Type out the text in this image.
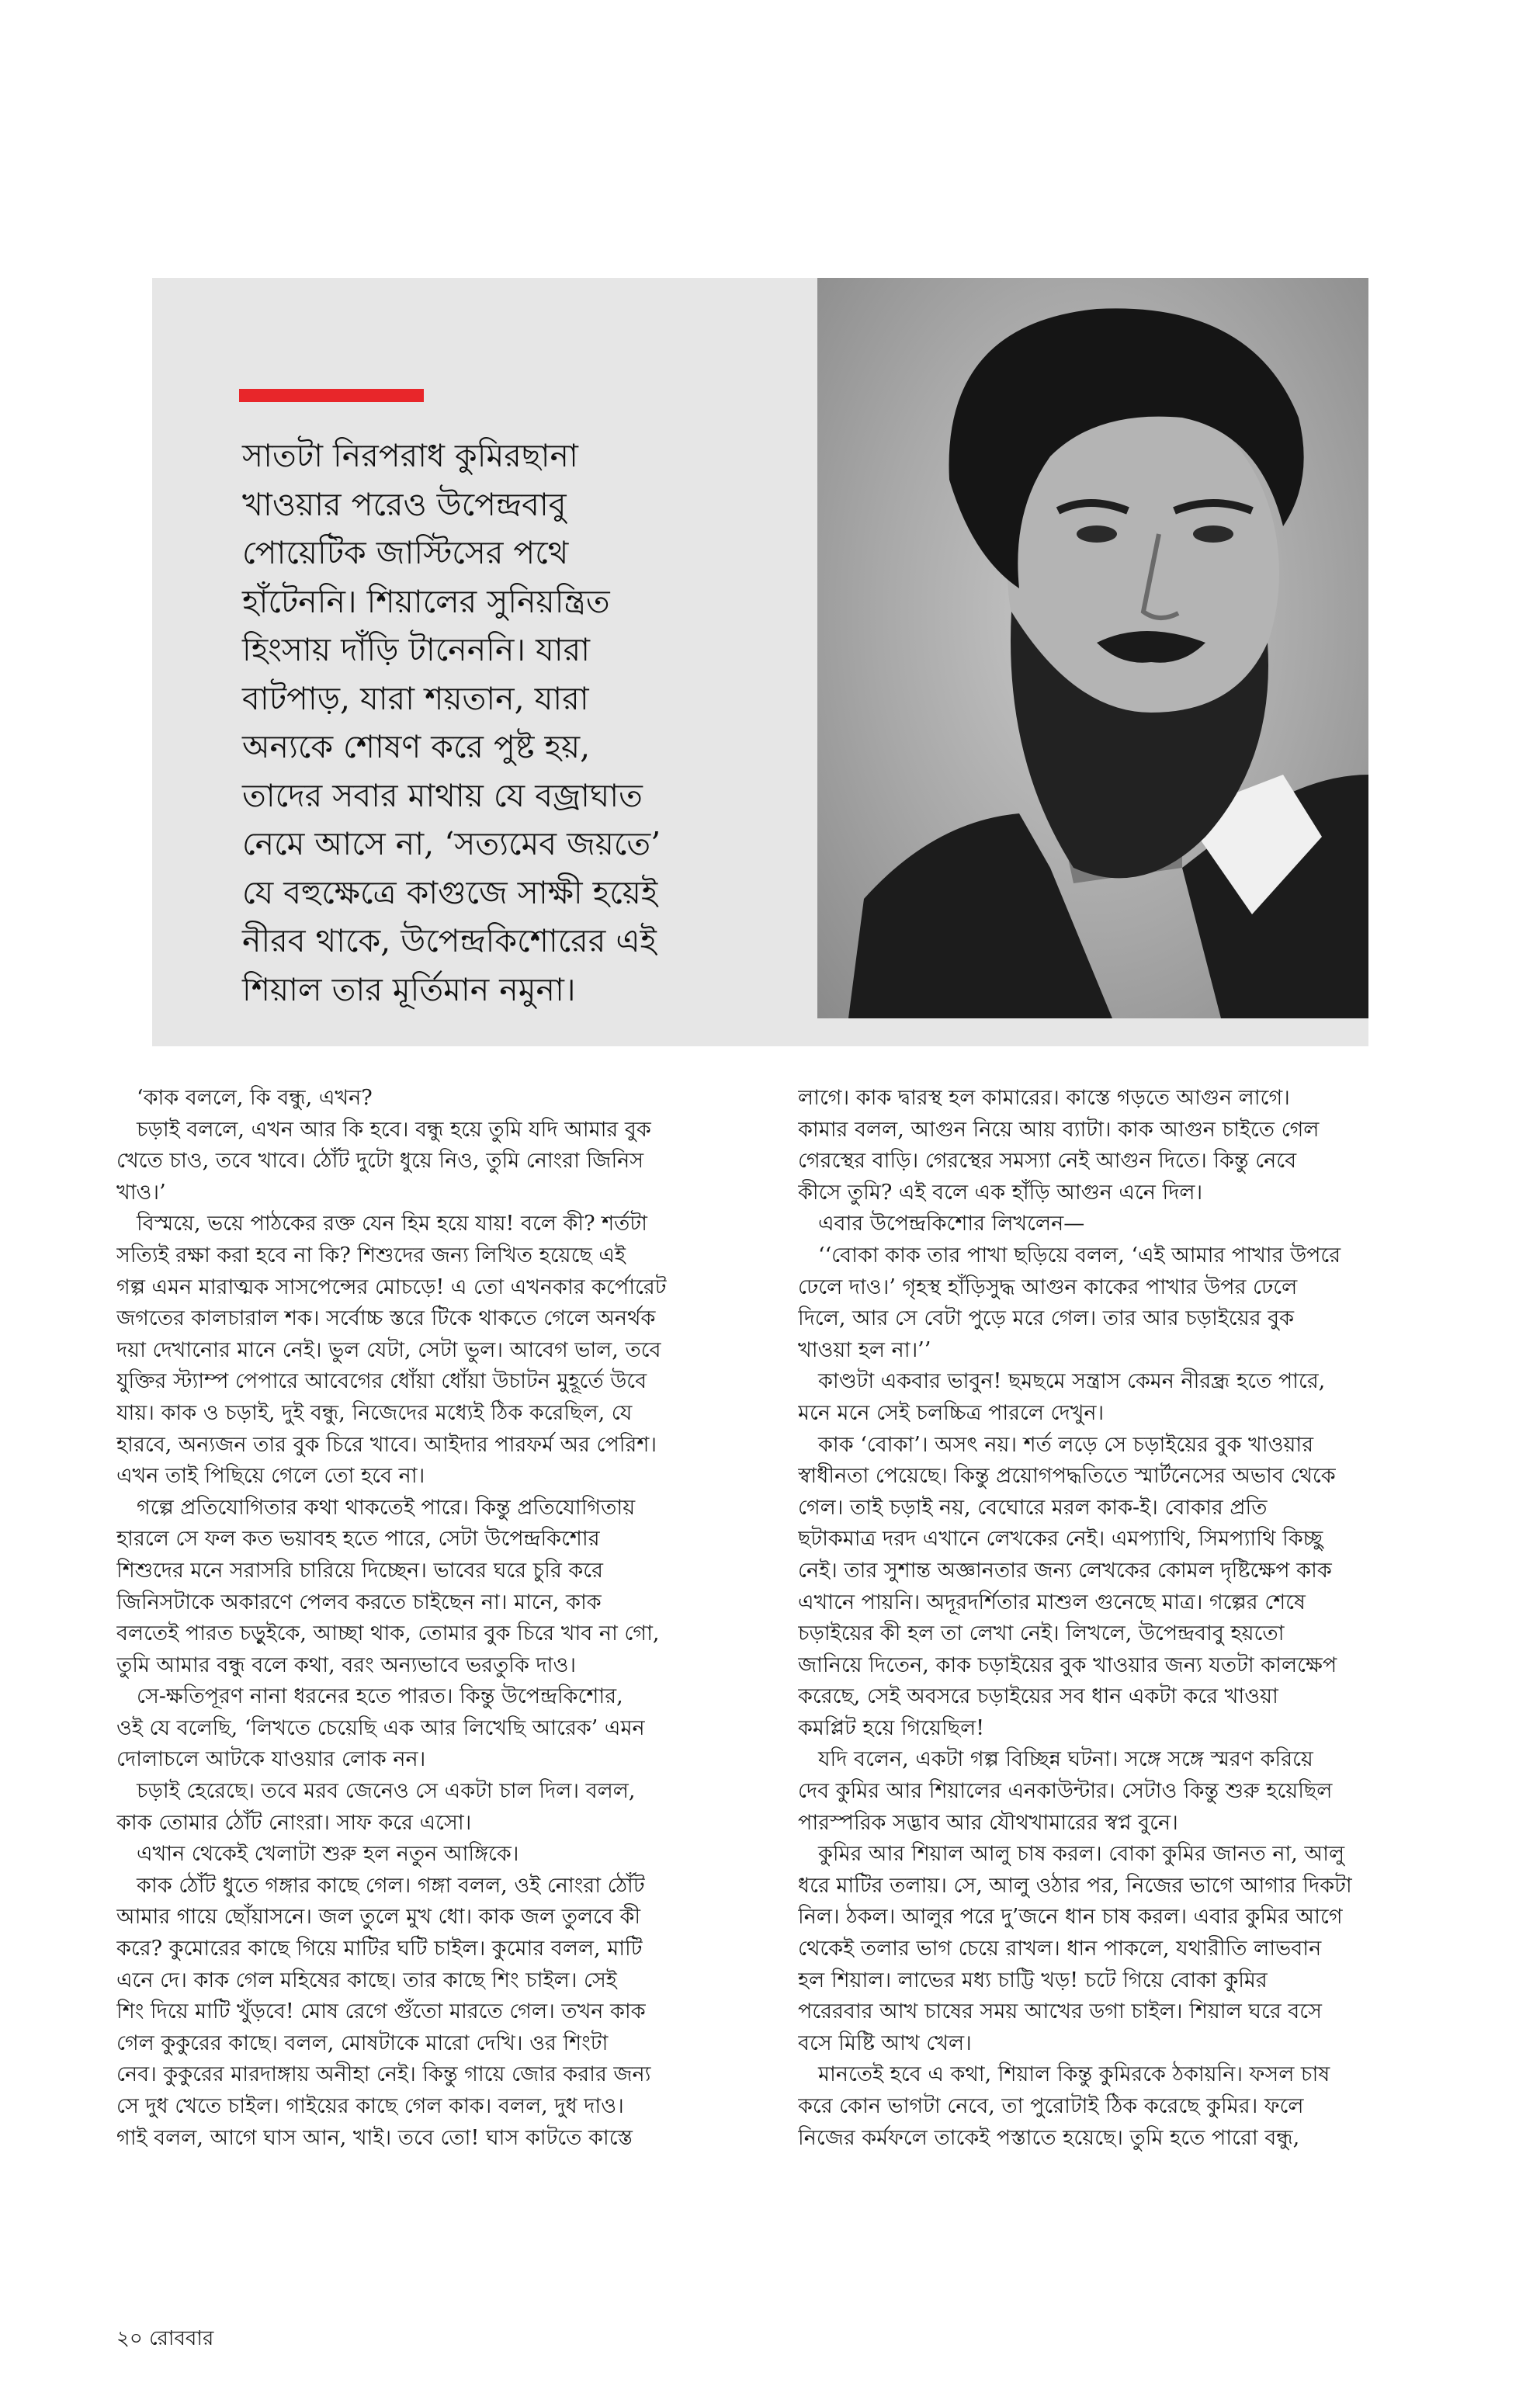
সাতটা নিরপরাধ কুমিরছানা
খাওয়ার পরেও উপেন্দ্রবাবু
পোয়েটিক জাস্টিসের পথে
হাঁটেননি। শিয়ালের সুনিয়ন্ত্রিত
হিংসায় দাঁড়ি টানেননি। যারা
বাটপাড়, যারা শয়তান, যারা
অন্যকে শোষণ করে পুষ্ট হয়,
তাদের সবার মাথায় যে বজ্রাঘাত
নেমে আসে না, ‘সত্যমেব জয়তে’
যে বহুক্ষেত্রে কাগুজে সাক্ষী হয়েই
নীরব থাকে, উপেন্দ্রকিশোরের এই
শিয়াল তার মূর্তিমান নমুনা।

‘কাক বললে, কি বন্ধু, এখন?
চড়াই বললে, এখন আর কি হবে। বন্ধু হয়ে তুমি যদি আমার বুক
খেতে চাও, তবে খাবে। ঠোঁট দুটো ধুয়ে নিও, তুমি নোংরা জিনিস
খাও।’
বিস্ময়ে, ভয়ে পাঠকের রক্ত যেন হিম হয়ে যায়! বলে কী? শর্তটা
সত্যিই রক্ষা করা হবে না কি? শিশুদের জন্য লিখিত হয়েছে এই
গল্প এমন মারাত্মক সাসপেন্সের মোচড়ে! এ তো এখনকার কর্পোরেট
জগতের কালচারাল শক। সর্বোচ্চ স্তরে টিকে থাকতে গেলে অনর্থক
দয়া দেখানোর মানে নেই। ভুল যেটা, সেটা ভুল। আবেগ ভাল, তবে
যুক্তির স্ট্যাম্প পেপারে আবেগের ধোঁয়া ধোঁয়া উচাটন মুহূর্তে উবে
যায়। কাক ও চড়াই, দুই বন্ধু, নিজেদের মধ্যেই ঠিক করেছিল, যে
হারবে, অন্যজন তার বুক চিরে খাবে। আইদার পারফর্ম অর পেরিশ।
এখন তাই পিছিয়ে গেলে তো হবে না।
গল্পে প্রতিযোগিতার কথা থাকতেই পারে। কিন্তু প্রতিযোগিতায়
হারলে সে ফল কত ভয়াবহ হতে পারে, সেটা উপেন্দ্রকিশোর
শিশুদের মনে সরাসরি চারিয়ে দিচ্ছেন। ভাবের ঘরে চুরি করে
জিনিসটাকে অকারণে পেলব করতে চাইছেন না। মানে, কাক
বলতেই পারত চড়ুইকে, আচ্ছা থাক, তোমার বুক চিরে খাব না গো,
তুমি আমার বন্ধু বলে কথা, বরং অন্যভাবে ভরতুকি দাও।
সে-ক্ষতিপূরণ নানা ধরনের হতে পারত। কিন্তু উপেন্দ্রকিশোর,
ওই যে বলেছি, ‘লিখতে চেয়েছি এক আর লিখেছি আরেক’ এমন
দোলাচলে আটকে যাওয়ার লোক নন।
চড়াই হেরেছে। তবে মরব জেনেও সে একটা চাল দিল। বলল,
কাক তোমার ঠোঁট নোংরা। সাফ করে এসো।
এখান থেকেই খেলাটা শুরু হল নতুন আঙ্গিকে।
কাক ঠোঁট ধুতে গঙ্গার কাছে গেল। গঙ্গা বলল, ওই নোংরা ঠোঁট
আমার গায়ে ছোঁয়াসনে। জল তুলে মুখ ধো। কাক জল তুলবে কী
করে? কুমোরের কাছে গিয়ে মাটির ঘটি চাইল। কুমোর বলল, মাটি
এনে দে। কাক গেল মহিষের কাছে। তার কাছে শিং চাইল। সেই
শিং দিয়ে মাটি খুঁড়বে! মোষ রেগে গুঁতো মারতে গেল। তখন কাক
গেল কুকুরের কাছে। বলল, মোষটাকে মারো দেখি। ওর শিংটা
নেব। কুকুরের মারদাঙ্গায় অনীহা নেই। কিন্তু গায়ে জোর করার জন্য
সে দুধ খেতে চাইল। গাইয়ের কাছে গেল কাক। বলল, দুধ দাও।
গাই বলল, আগে ঘাস আন, খাই। তবে তো! ঘাস কাটতে কাস্তে
লাগে। কাক দ্বারস্থ হল কামারের। কাস্তে গড়তে আগুন লাগে।
কামার বলল, আগুন নিয়ে আয় ব্যাটা। কাক আগুন চাইতে গেল
গেরস্থের বাড়ি। গেরস্থের সমস্যা নেই আগুন দিতে। কিন্তু নেবে
কীসে তুমি? এই বলে এক হাঁড়ি আগুন এনে দিল।
এবার উপেন্দ্রকিশোর লিখলেন—
‘‘বোকা কাক তার পাখা ছড়িয়ে বলল, ‘এই আমার পাখার উপরে
ঢেলে দাও।’ গৃহস্থ হাঁড়িসুদ্ধ আগুন কাকের পাখার উপর ঢেলে
দিলে, আর সে বেটা পুড়ে মরে গেল। তার আর চড়াইয়ের বুক
খাওয়া হল না।’’
কাণ্ডটা একবার ভাবুন! ছমছমে সন্ত্রাস কেমন নীরন্ধ্র হতে পারে,
মনে মনে সেই চলচ্চিত্র পারলে দেখুন।
কাক ‘বোকা’। অসৎ নয়। শর্ত লড়ে সে চড়াইয়ের বুক খাওয়ার
স্বাধীনতা পেয়েছে। কিন্তু প্রয়োগপদ্ধতিতে স্মার্টনেসের অভাব থেকে
গেল। তাই চড়াই নয়, বেঘোরে মরল কাক-ই। বোকার প্রতি
ছটাকমাত্র দরদ এখানে লেখকের নেই। এমপ্যাথি, সিমপ্যাথি কিচ্ছু
নেই। তার সুশান্ত অজ্ঞানতার জন্য লেখকের কোমল দৃষ্টিক্ষেপ কাক
এখানে পায়নি। অদূরদর্শিতার মাশুল গুনেছে মাত্র। গল্পের শেষে
চড়াইয়ের কী হল তা লেখা নেই। লিখলে, উপেন্দ্রবাবু হয়তো
জানিয়ে দিতেন, কাক চড়াইয়ের বুক খাওয়ার জন্য যতটা কালক্ষেপ
করেছে, সেই অবসরে চড়াইয়ের সব ধান একটা করে খাওয়া
কমপ্লিট হয়ে গিয়েছিল!
যদি বলেন, একটা গল্প বিচ্ছিন্ন ঘটনা। সঙ্গে সঙ্গে স্মরণ করিয়ে
দেব কুমির আর শিয়ালের এনকাউন্টার। সেটাও কিন্তু শুরু হয়েছিল
পারস্পরিক সদ্ভাব আর যৌথখামারের স্বপ্ন বুনে।
কুমির আর শিয়াল আলু চাষ করল। বোকা কুমির জানত না, আলু
ধরে মাটির তলায়। সে, আলু ওঠার পর, নিজের ভাগে আগার দিকটা
নিল। ঠকল। আলুর পরে দু’জনে ধান চাষ করল। এবার কুমির আগে
থেকেই তলার ভাগ চেয়ে রাখল। ধান পাকলে, যথারীতি লাভবান
হল শিয়াল। লাভের মধ্য চাট্টি খড়! চটে গিয়ে বোকা কুমির
পরেরবার আখ চাষের সময় আখের ডগা চাইল। শিয়াল ঘরে বসে
বসে মিষ্টি আখ খেল।
মানতেই হবে এ কথা, শিয়াল কিন্তু কুমিরকে ঠকায়নি। ফসল চাষ
করে কোন ভাগটা নেবে, তা পুরোটাই ঠিক করেছে কুমির। ফলে
নিজের কর্মফলে তাকেই পস্তাতে হয়েছে। তুমি হতে পারো বন্ধু,
২০ রোববার
